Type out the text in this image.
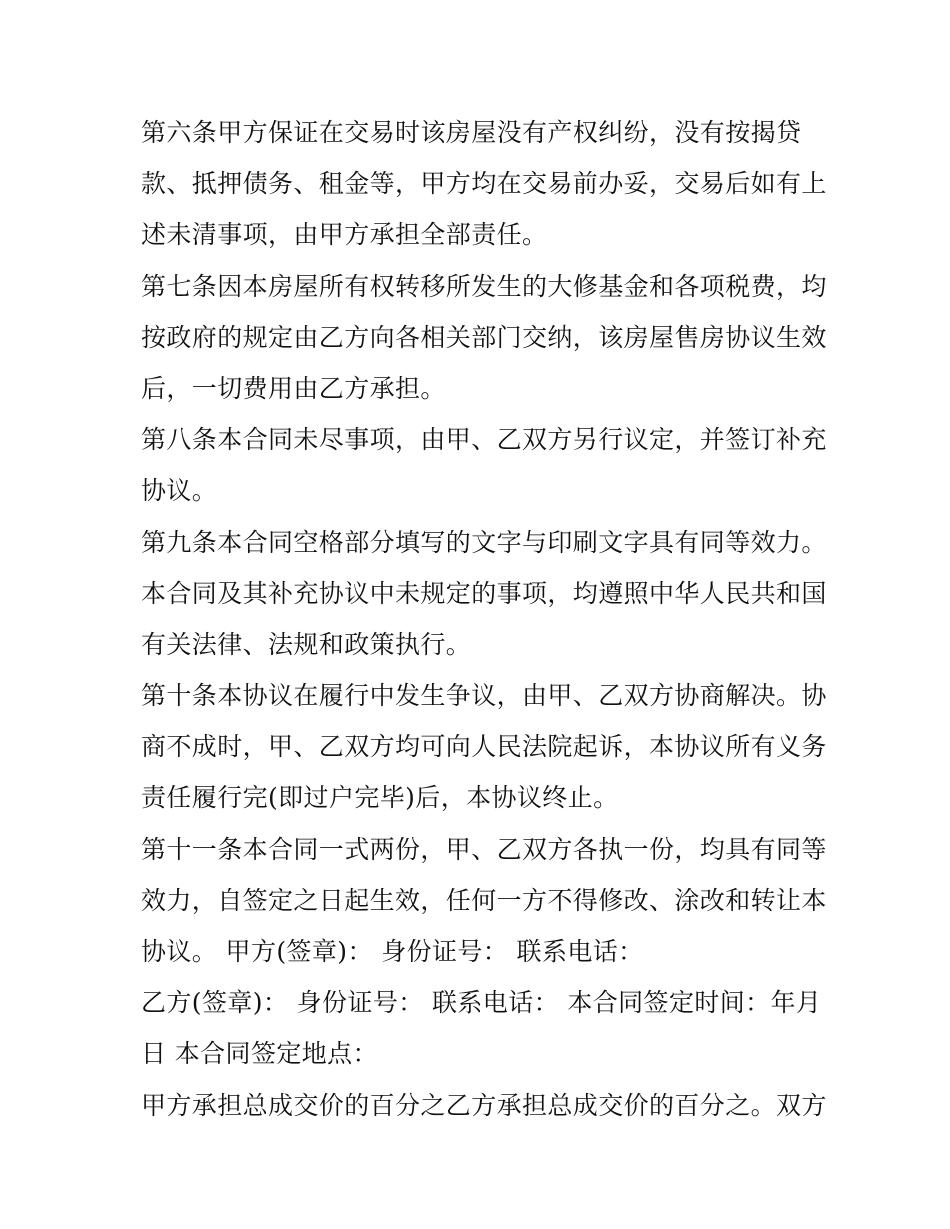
第六条甲方保证在交易时该房屋没有产权纠纷，没有按揭贷
款、抵押债务、租金等，甲方均在交易前办妥，交易后如有上
述未清事项，由甲方承担全部责任。
第七条因本房屋所有权转移所发生的大修基金和各项税费，均
按政府的规定由乙方向各相关部门交纳，该房屋售房协议生效
后，一切费用由乙方承担。
第八条本合同未尽事项，由甲、乙双方另行议定，并签订补充
协议。
第九条本合同空格部分填写的文字与印刷文字具有同等效力。
本合同及其补充协议中未规定的事项，均遵照中华人民共和国
有关法律、法规和政策执行。
第十条本协议在履行中发生争议，由甲、乙双方协商解决。协
商不成时，甲、乙双方均可向人民法院起诉，本协议所有义务
责任履行完(即过户完毕)后，本协议终止。
第十一条本合同一式两份，甲、乙双方各执一份，均具有同等
效力，自签定之日起生效，任何一方不得修改、涂改和转让本
协议。 甲方(签章)： 身份证号： 联系电话：
乙方(签章)： 身份证号： 联系电话： 本合同签定时间：年月
日 本合同签定地点：
甲方承担总成交价的百分之乙方承担总成交价的百分之。双方
